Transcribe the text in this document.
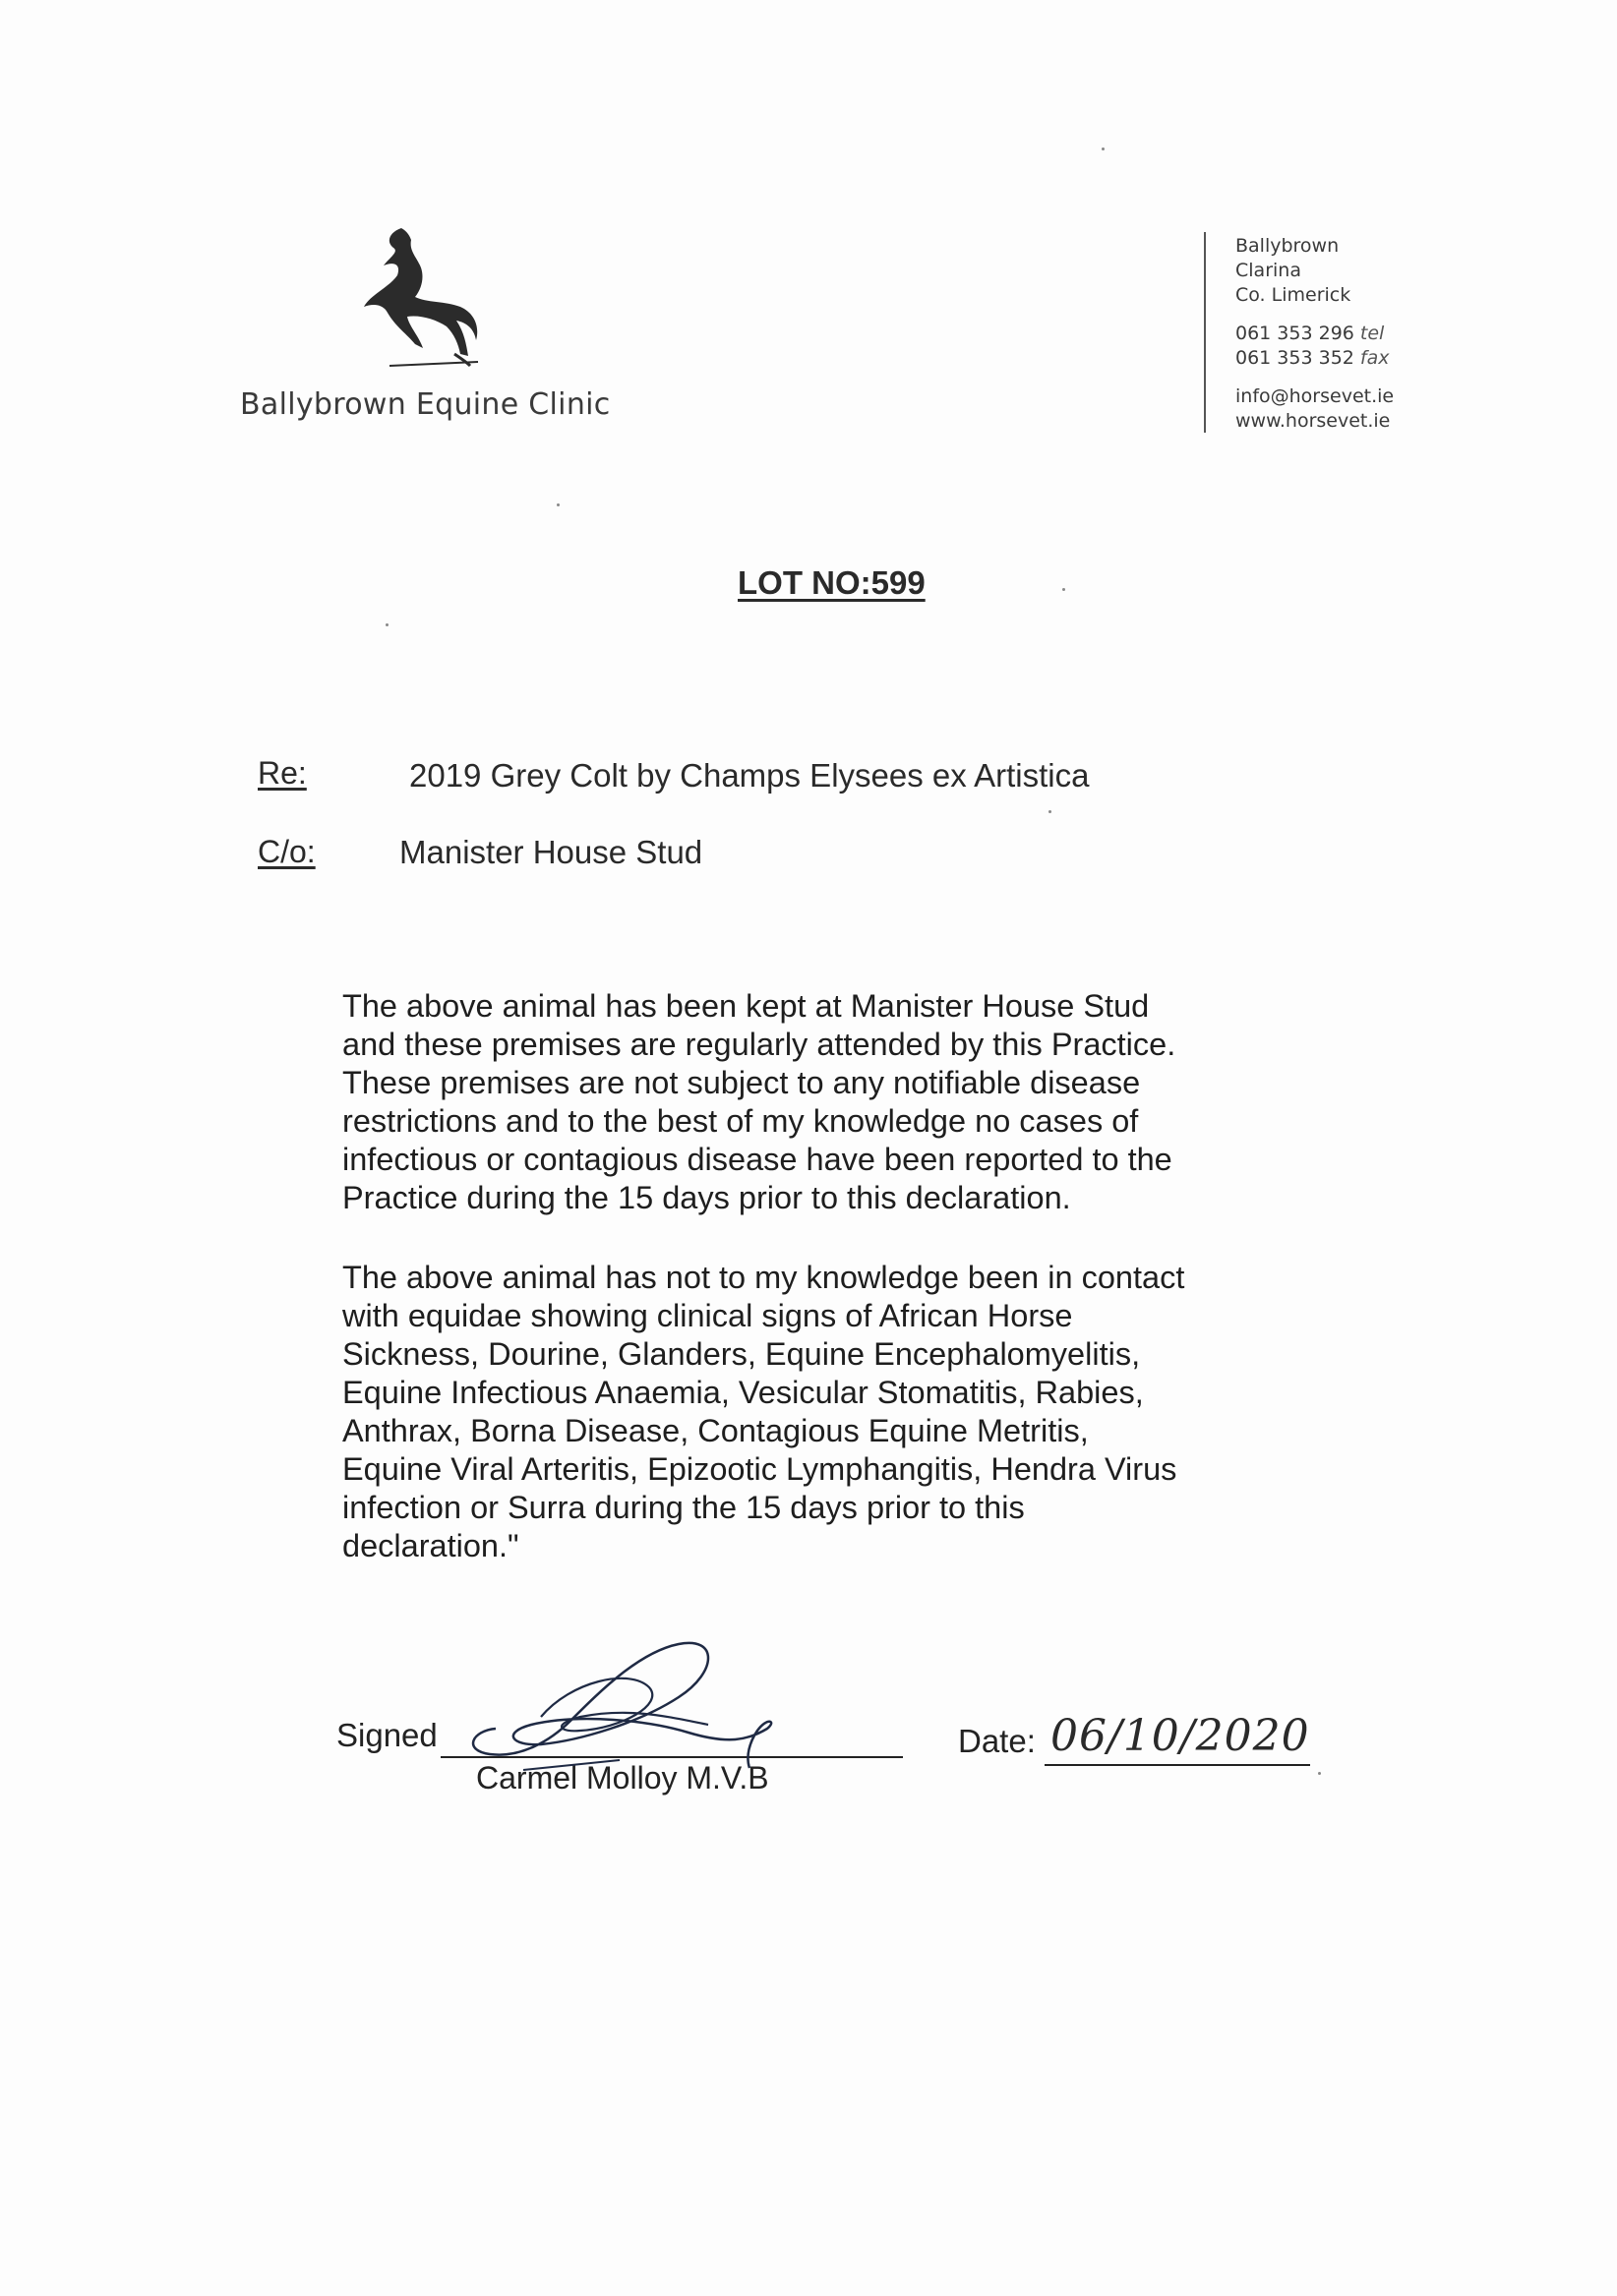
Ballybrown Equine Clinic
Ballybrown
Clarina
Co. Limerick
061 353 296 tel
061 353 352 fax
info@horsevet.ie
www.horsevet.ie
LOT NO:599
Re:	2019 Grey Colt by Champs Elysees ex Artistica
C/o:	Manister House Stud

The above animal has been kept at Manister House Stud

and these premises are regularly attended by this Practice.

These premises are not subject to any notifiable disease

restrictions and to the best of my knowledge no cases of

infectious or contagious disease have been reported to the

Practice during the 15 days prior to this declaration.

The above animal has not to my knowledge been in contact

with equidae showing clinical signs of African Horse

Sickness, Dourine, Glanders, Equine Encephalomyelitis,

Equine Infectious Anaemia, Vesicular Stomatitis, Rabies,

Anthrax, Borna Disease, Contagious Equine Metritis,

Equine Viral Arteritis, Epizootic Lymphangitis, Hendra Virus

infection or Surra during the 15 days prior to this

declaration."

Signed
Carmel Molloy M.V.B
Date: 06/10/2020
